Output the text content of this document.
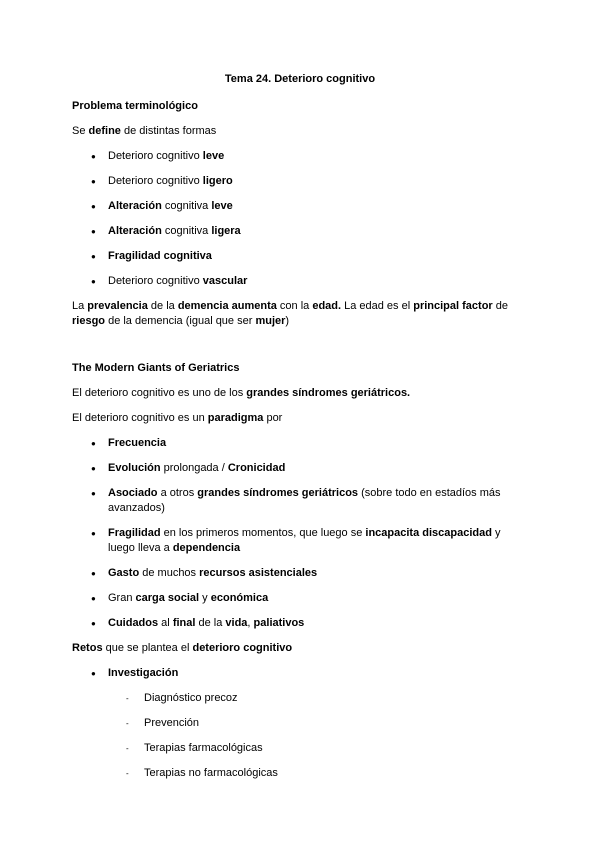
Tema 24. Deterioro cognitivo
Problema terminológico

Se define de distintas formas

● Deterioro cognitivo leve
● Deterioro cognitivo ligero
● Alteración cognitiva leve
● Alteración cognitiva ligera
● Fragilidad cognitiva
● Deterioro cognitivo vascular

La prevalencia de la demencia aumenta con la edad. La edad es el principal factor de riesgo de la demencia (igual que ser mujer)

The Modern Giants of Geriatrics

El deterioro cognitivo es uno de los grandes síndromes geriátricos.

El deterioro cognitivo es un paradigma por

● Frecuencia
● Evolución prolongada / Cronicidad
● Asociado a otros grandes síndromes geriátricos (sobre todo en estadíos más avanzados)
● Fragilidad en los primeros momentos, que luego se incapacita discapacidad y luego lleva a dependencia
● Gasto de muchos recursos asistenciales
● Gran carga social y económica
● Cuidados al final de la vida, paliativos

Retos que se plantea el deterioro cognitivo

● Investigación
- Diagnóstico precoz
- Prevención
- Terapias farmacológicas
- Terapias no farmacológicas
